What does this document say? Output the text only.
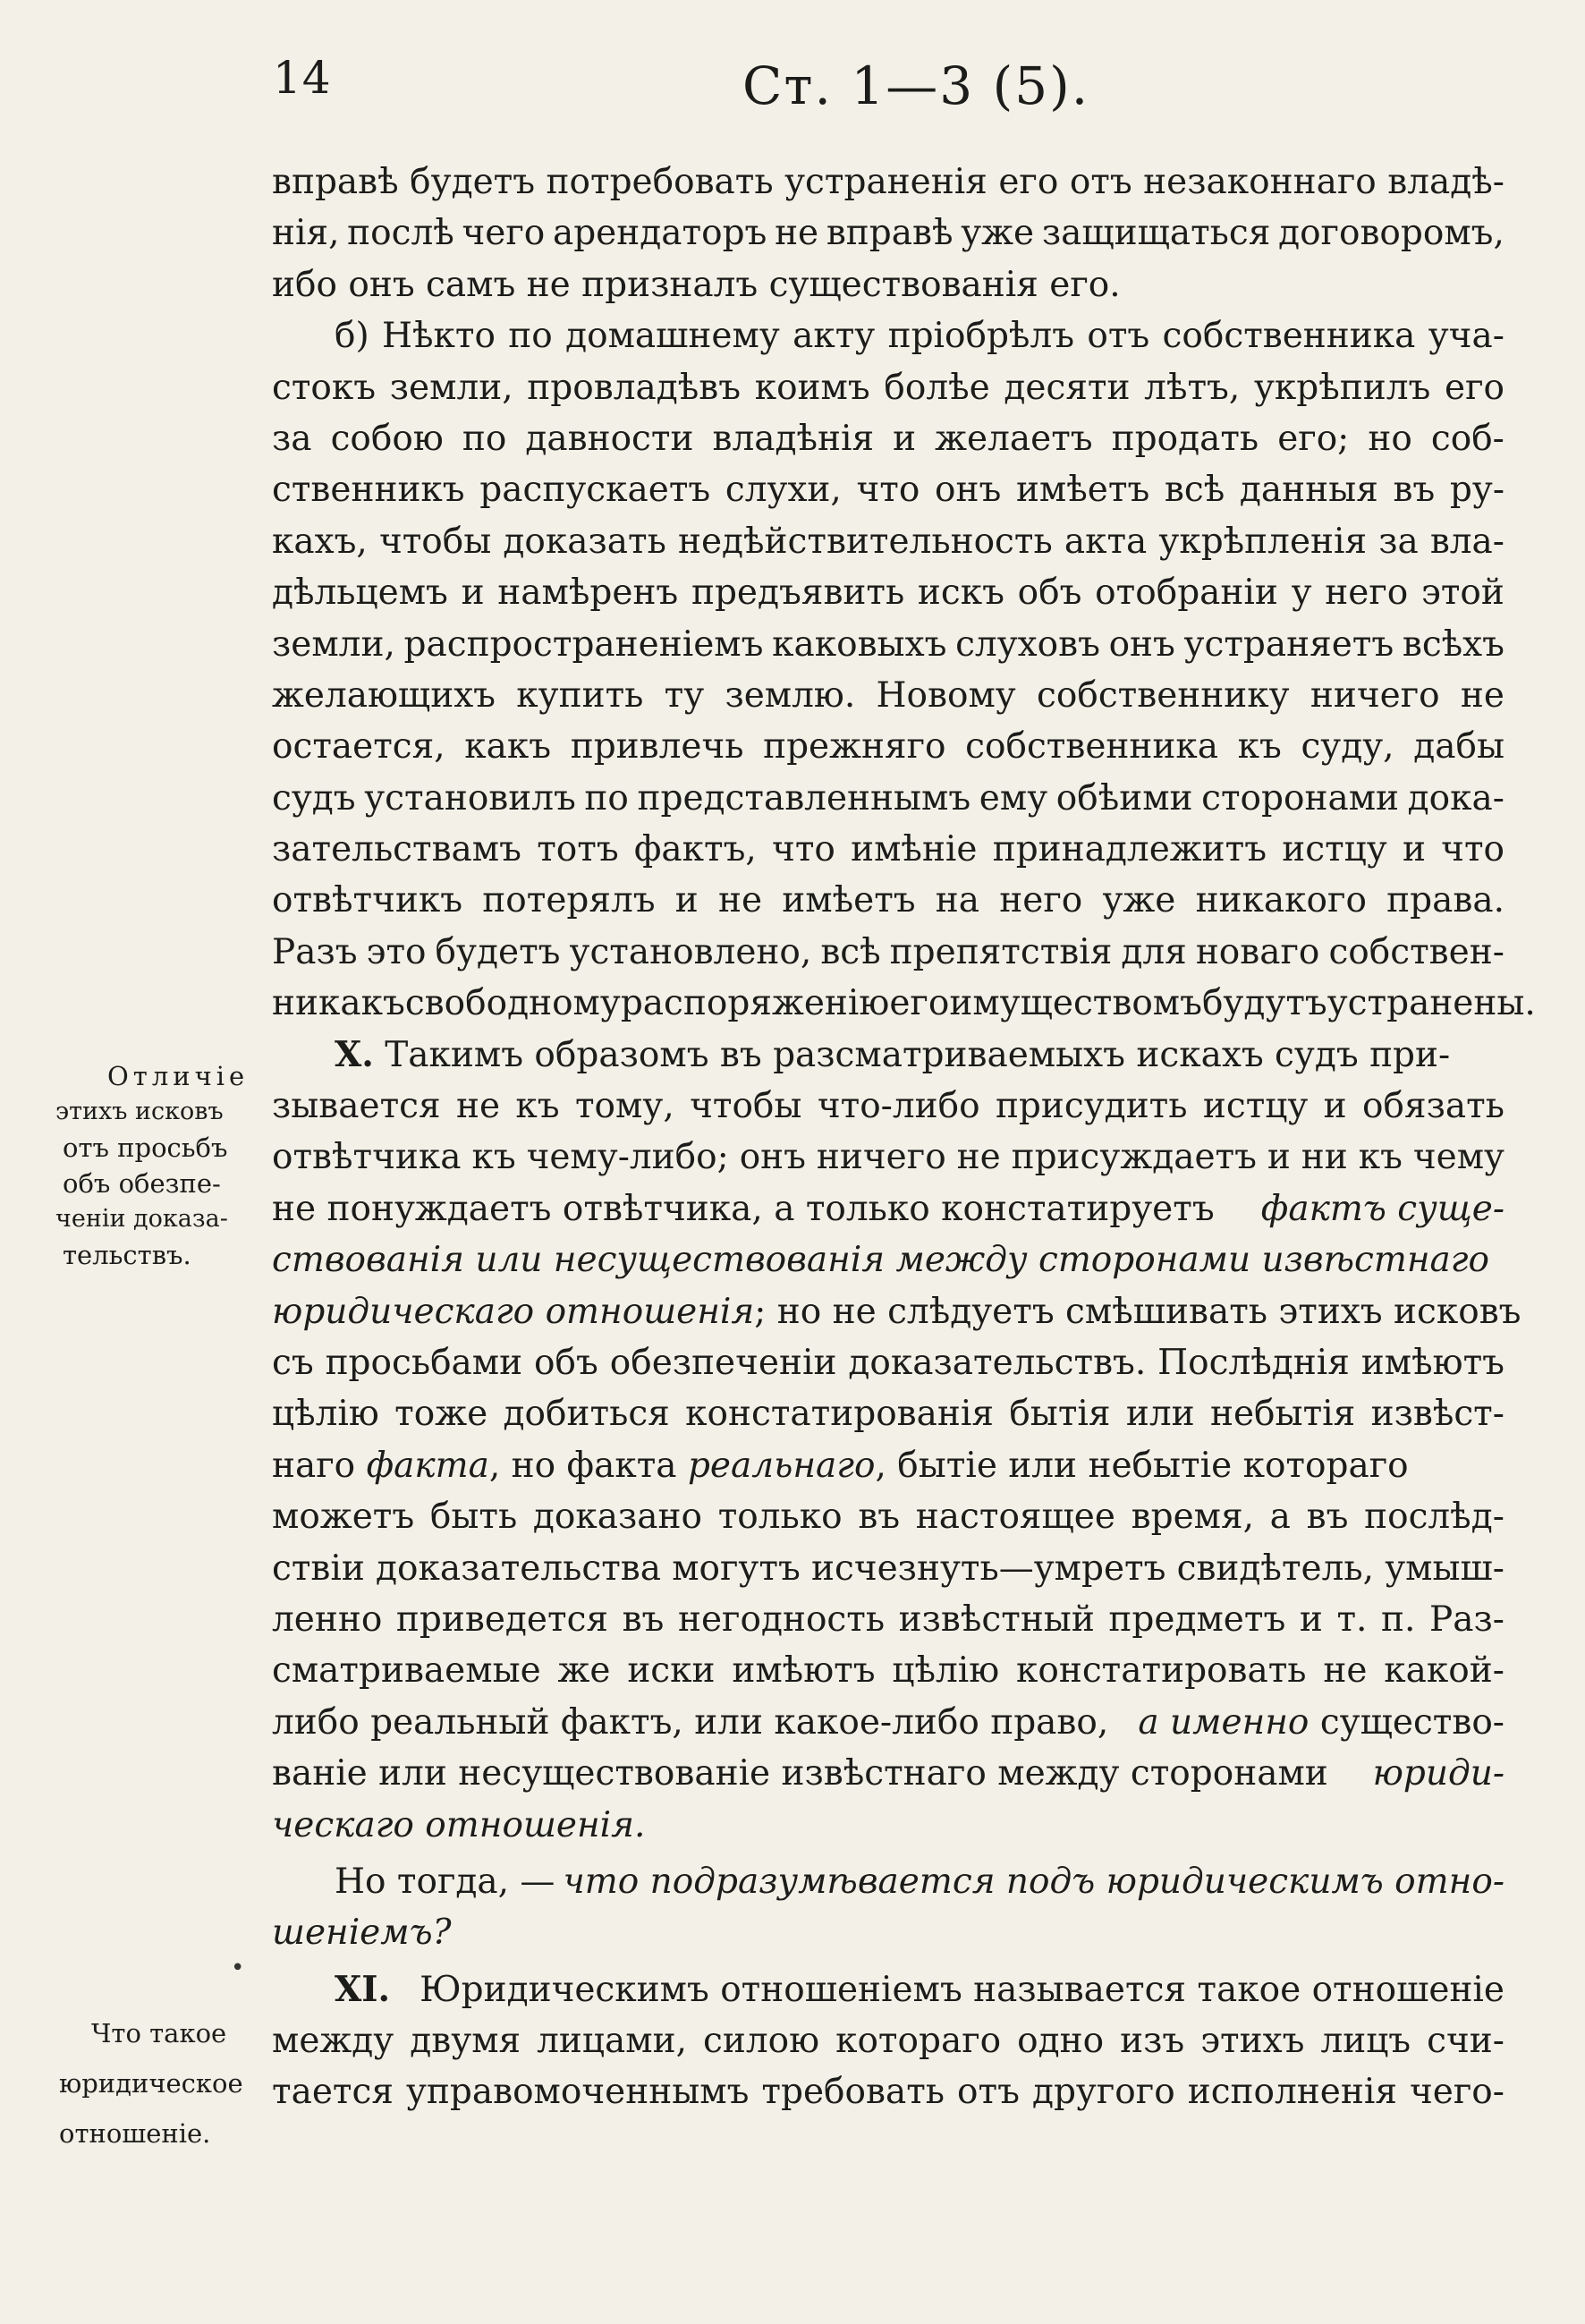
14	Ст. 1—3 (5).
Отличіе
этихъ исковъ
отъ просьбъ
объ обезпе-
ченіи доказа-
тельствъ.
Что такое
юридическое
отношеніе.
•
вправѣ будетъ потребовать устраненія его отъ незаконнаго владѣ-
нія, послѣ чего арендаторъ не вправѣ уже защищаться договоромъ,
ибо онъ самъ не призналъ существованія его.
б) Нѣкто по домашнему акту пріобрѣлъ отъ собственника уча-
стокъ земли, провладѣвъ коимъ болѣе десяти лѣтъ, укрѣпилъ его
за собою по давности владѣнія и желаетъ продать его; но соб-
ственникъ распускаетъ слухи, что онъ имѣетъ всѣ данныя въ ру-
кахъ, чтобы доказать недѣйствительность акта укрѣпленія за вла-
дѣльцемъ и намѣренъ предъявить искъ объ отобраніи у него этой
земли, распространеніемъ каковыхъ слуховъ онъ устраняетъ всѣхъ
желающихъ купить ту землю. Новому собственнику ничего не
остается, какъ привлечь прежняго собственника къ суду, дабы
судъ установилъ по представленнымъ ему обѣими сторонами дока-
зательствамъ тотъ фактъ, что имѣніе принадлежитъ истцу и что
отвѣтчикъ потерялъ и не имѣетъ на него уже никакого права.
Разъ это будетъ установлено, всѣ препятствія для новаго собствен-
ника къ свободному распоряженію его имуществомъ будутъ устранены.
X. Такимъ образомъ въ разсматриваемыхъ искахъ судъ при-
зывается не къ тому, чтобы что-либо присудить истцу и обязать
отвѣтчика къ чему-либо; онъ ничего не присуждаетъ и ни къ чему
не понуждаетъ отвѣтчика, а только констатируетъ фактъ суще-
ствованія или несуществованія между сторонами извѣстнаго
юридическаго отношенія; но не слѣдуетъ смѣшивать этихъ исковъ
съ просьбами объ обезпеченіи доказательствъ. Послѣднія имѣютъ
цѣлію тоже добиться констатированія бытія или небытія извѣст-
наго факта, но факта реальнаго, бытіе или небытіе котораго
можетъ быть доказано только въ настоящее время, а въ послѣд-
ствіи доказательства могутъ исчезнуть—умретъ свидѣтель, умыш-
ленно приведется въ негодность извѣстный предметъ и т. п. Раз-
сматриваемые же иски имѣютъ цѣлію констатировать не какой-
либо реальный фактъ, или какое-либо право, а именно существо-
ваніе или несуществованіе извѣстнаго между сторонами юриди-
ческаго отношенія.
Но тогда, — что подразумѣвается подъ юридическимъ отно-
шеніемъ?
XI. Юридическимъ отношеніемъ называется такое отношеніе
между двумя лицами, силою котораго одно изъ этихъ лицъ счи-
тается управомоченнымъ требовать отъ другого исполненія чего-
